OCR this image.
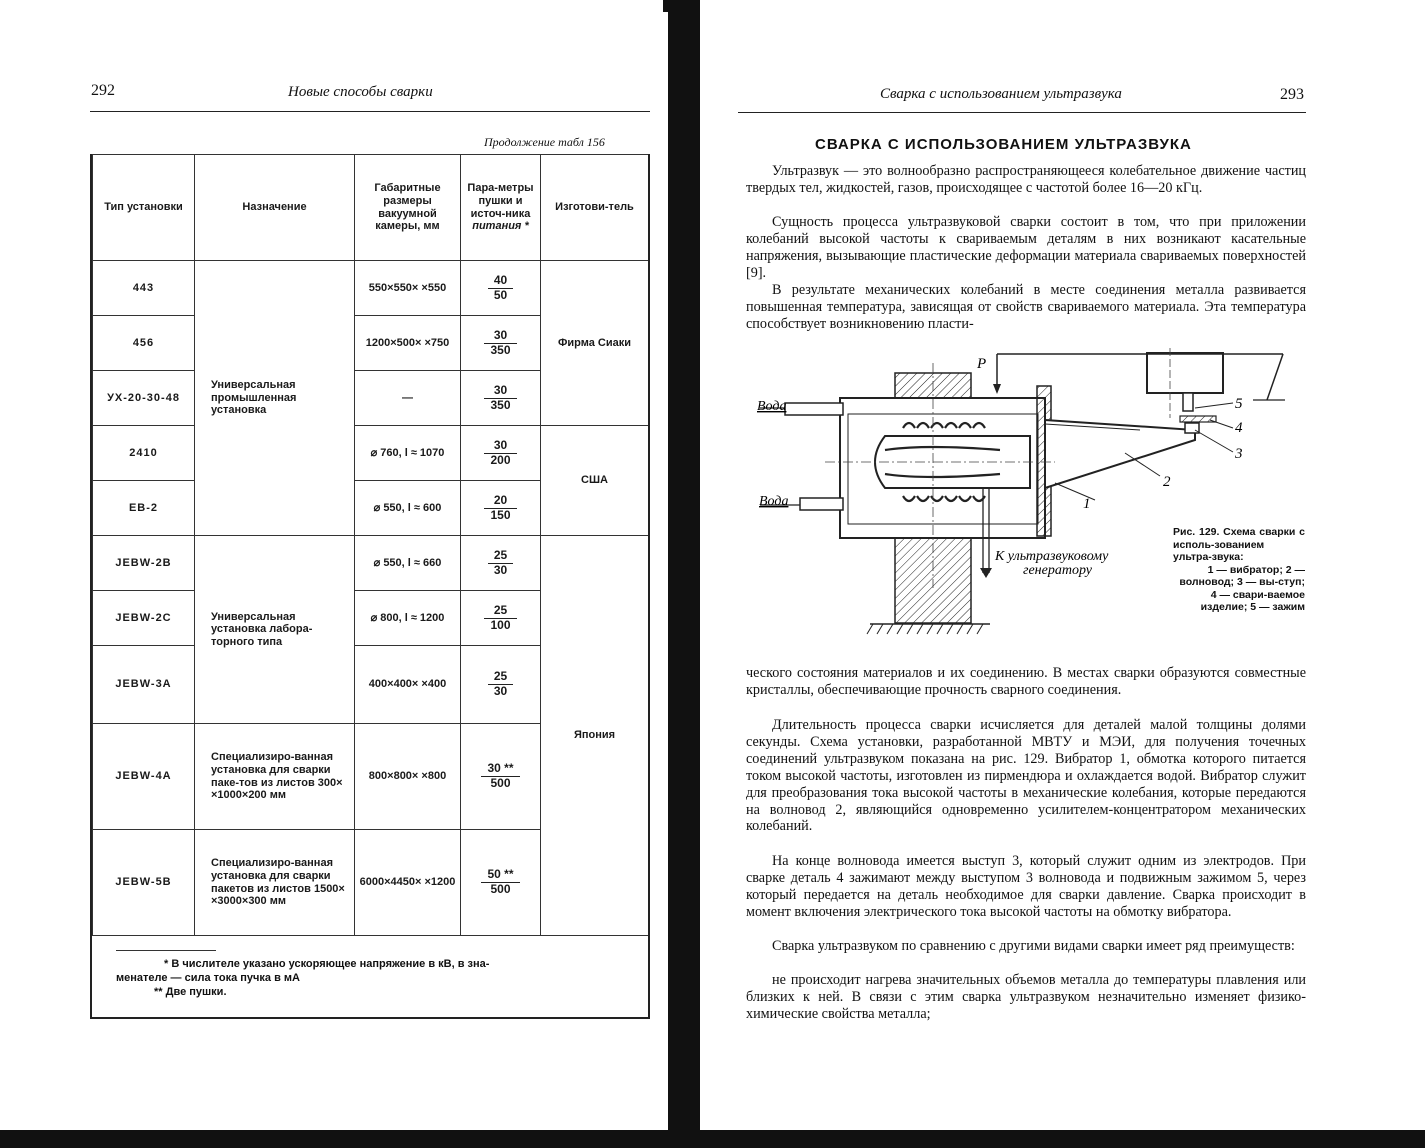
292	Новые способы сварки
Продолжение табл 156
Тип установки	Назначение	Габаритные размеры вакуумной камеры, мм	Пара-метры пушки и источ-ника питания *	Изготови-тель
443	Универсальная промышленная установка	550×550× ×550	$\frac{40}{50}$	Фирма Сиаки
456		1200×500× ×750	$\frac{30}{350}$

УХ-20-30-48		—	$\frac{30}{350}$

2410		⌀ 760, l ≈ 1070	$\frac{30}{200}$	США
EB-2		⌀ 550, l ≈ 600	$\frac{20}{150}$

JEBW-2B	Универсальная установка лабора-торного типа	⌀ 550, l ≈ 660	$\frac{25}{30}$	Япония
JEBW-2C		⌀ 800, l ≈ 1200	$\frac{25}{100}$

JEBW-3A		400×400× ×400	$\frac{25}{30}$

JEBW-4A	Специализиро-ванная установка для сварки паке-тов из листов 300× ×1000×200 мм	800×800× ×800	$\frac{30 **}{500}$

JEBW-5B	Специализиро-ванная установка для сварки пакетов из листов 1500× ×3000×300 мм	6000×4450× ×1200	$\frac{50 **}{500}$
* В числителе указано ускоряющее напряжение в кВ, в зна-
менателе — сила тока пучка в мА
** Две пушки.
Сварка с использованием ультразвука	293
СВАРКА С ИСПОЛЬЗОВАНИЕМ УЛЬТРАЗВУКА

Ультразвук — это волнообразно распространяющееся колебательное движение частиц твердых тел, жидкостей, газов, происходящее с частотой более 16—20 кГц.

Сущность процесса ультразвуковой сварки состоит в том, что при приложении колебаний высокой частоты к свариваемым деталям в них возникают касательные напряжения, вызывающие пластические деформации материала свариваемых поверхностей [9].

В результате механических колебаний в месте соединения металла развивается повышенная температура, зависящая от свойств свариваемого материала. Эта температура способствует возникновению пласти-

P
Вода
Вода
К ультразвуковому
генератору
1
2
3
4
5
Рис. 129. Схема сварки с исполь-зованием ультра-звука:
1 — вибратор; 2 — волновод; 3 — вы-ступ; 4 — свари-ваемое изделие; 5 — зажим

ческого состояния материалов и их соединению. В местах сварки образуются совместные кристаллы, обеспечивающие прочность сварного соединения.

Длительность процесса сварки исчисляется для деталей малой толщины долями секунды. Схема установки, разработанной МВТУ и МЭИ, для получения точечных соединений ультразвуком показана на рис. 129. Вибратор 1, обмотка которого питается током высокой частоты, изготовлен из пирмендюра и охлаждается водой. Вибратор служит для преобразования тока высокой частоты в механические колебания, которые передаются на волновод 2, являющийся одновременно усилителем-концентратором механических колебаний.

На конце волновода имеется выступ 3, который служит одним из электродов. При сварке деталь 4 зажимают между выступом 3 волновода и подвижным зажимом 5, через который передается на деталь необходимое для сварки давление. Сварка происходит в момент включения электрического тока высокой частоты на обмотку вибратора.

Сварка ультразвуком по сравнению с другими видами сварки имеет ряд преимуществ:

не происходит нагрева значительных объемов металла до температуры плавления или близких к ней. В связи с этим сварка ультразвуком незначительно изменяет физико-химические свойства металла;
